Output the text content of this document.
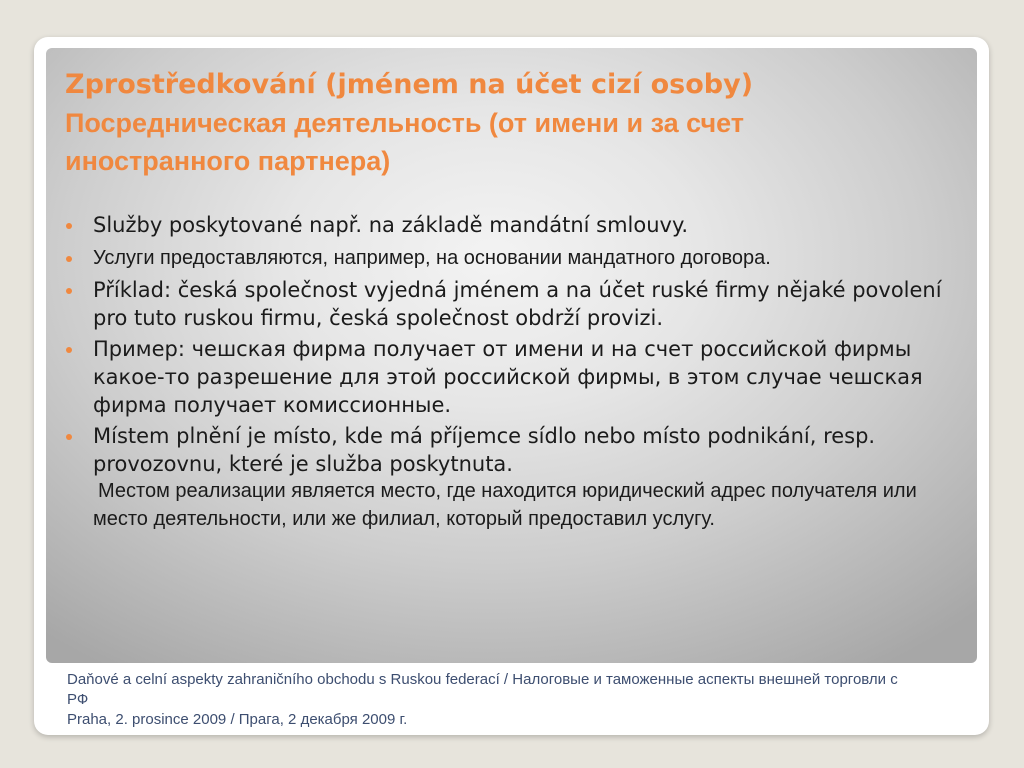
Zprostředkování (jménem na účet cizí osoby)
Посредническая деятельность (от имени и за счет иностранного партнера)
Služby poskytované např. na základě mandátní smlouvy.
Услуги предоставляются, например, на основании мандатного договора.
Příklad: česká společnost vyjedná jménem a na účet ruské firmy nějaké povolení pro tuto ruskou firmu, česká společnost obdrží provizi.
Пример: чешская фирма получает от имени и на счет российской фирмы какое-то разрешение для этой российской фирмы, в этом случае чешская фирма получает комиссионные.
Místem plnění je místo, kde má příjemce sídlo nebo místo podnikání, resp. provozovnu, které je služba poskytnuta.
Местом реализации является место, где находится юридический адрес получателя или место деятельности, или же филиал, который предоставил услугу.
Daňové a celní aspekty zahraničního obchodu s Ruskou federací / Налоговые и таможенные аспекты внешней торговли с РФ
Praha, 2. prosince 2009 / Прага, 2 декабря 2009 г.
